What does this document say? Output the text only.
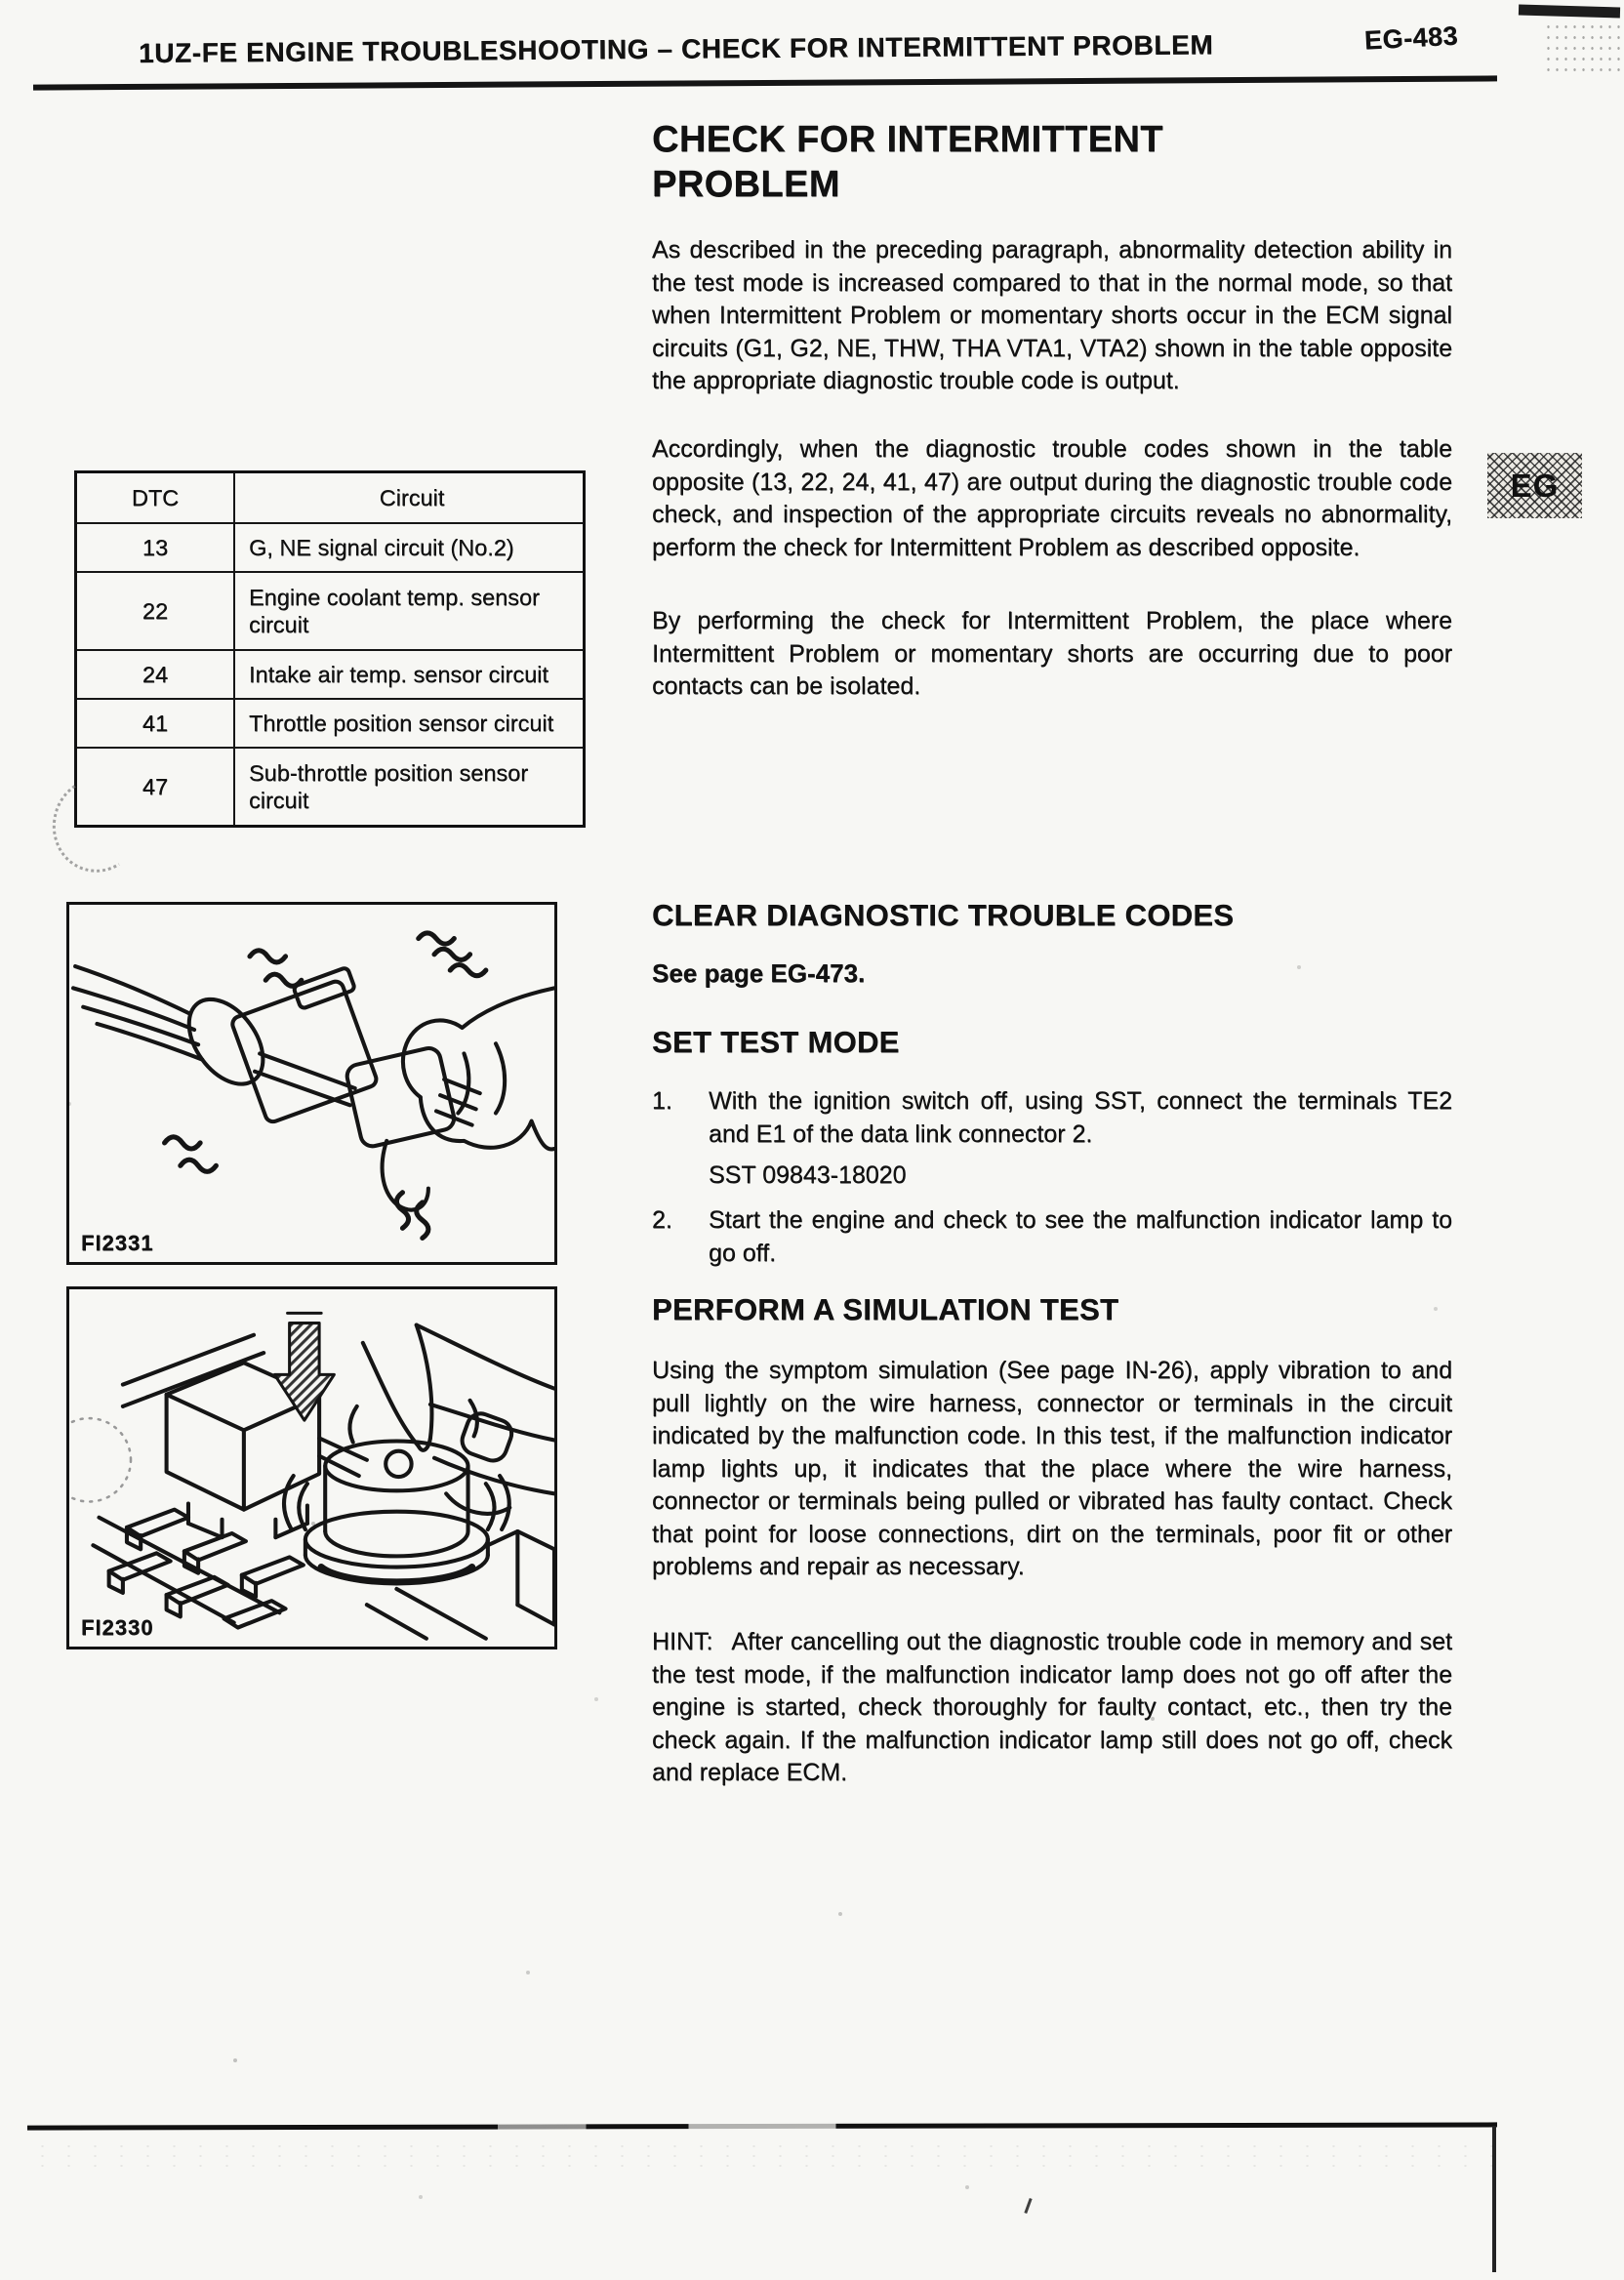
1UZ-FE ENGINE TROUBLESHOOTING – CHECK FOR INTERMITTENT PROBLEM	EG-483
EG
DTC	Circuit
13	G, NE signal circuit (No.2)
22	Engine coolant temp. sensor circuit
24	Intake air temp. sensor circuit
41	Throttle position sensor circuit
47	Sub-throttle position sensor circuit
FI2331
FI2330
CHECK FOR INTERMITTENT
PROBLEM
As described in the preceding paragraph, abnormality detection ability in the test mode is increased compared to that in the normal mode, so that when Intermittent Problem or momentary shorts occur in the ECM signal circuits (G1, G2, NE, THW, THA VTA1, VTA2) shown in the table opposite the appropriate diagnostic trouble code is output.
Accordingly, when the diagnostic trouble codes shown in the table opposite (13, 22, 24, 41, 47) are output during the diagnostic trouble code check, and inspection of the appropriate circuits reveals no abnormality, perform the check for Intermittent Problem as described opposite.
By performing the check for Intermittent Problem, the place where Intermittent Problem or momentary shorts are occurring due to poor contacts can be isolated.
CLEAR DIAGNOSTIC TROUBLE CODES
See page EG-473.
SET TEST MODE
1.	With the ignition switch off, using SST, connect the terminals TE2 and E1 of the data link connector 2.
SST 09843-18020
2.	Start the engine and check to see the malfunction indicator lamp to go off.
PERFORM A SIMULATION TEST
Using the symptom simulation (See page IN-26), apply vibration to and pull lightly on the wire harness, connector or terminals in the circuit indicated by the malfunction code. In this test, if the malfunction indicator lamp lights up, it indicates that the place where the wire harness, connector or terminals being pulled or vibrated has faulty contact. Check that point for loose connections, dirt on the terminals, poor fit or other problems and repair as necessary.
HINT:  After cancelling out the diagnostic trouble code in memory and set the test mode, if the malfunction indicator lamp does not go off after the engine is started, check thoroughly for faulty contact, etc., then try the check again. If the malfunction indicator lamp still does not go off, check and replace ECM.
